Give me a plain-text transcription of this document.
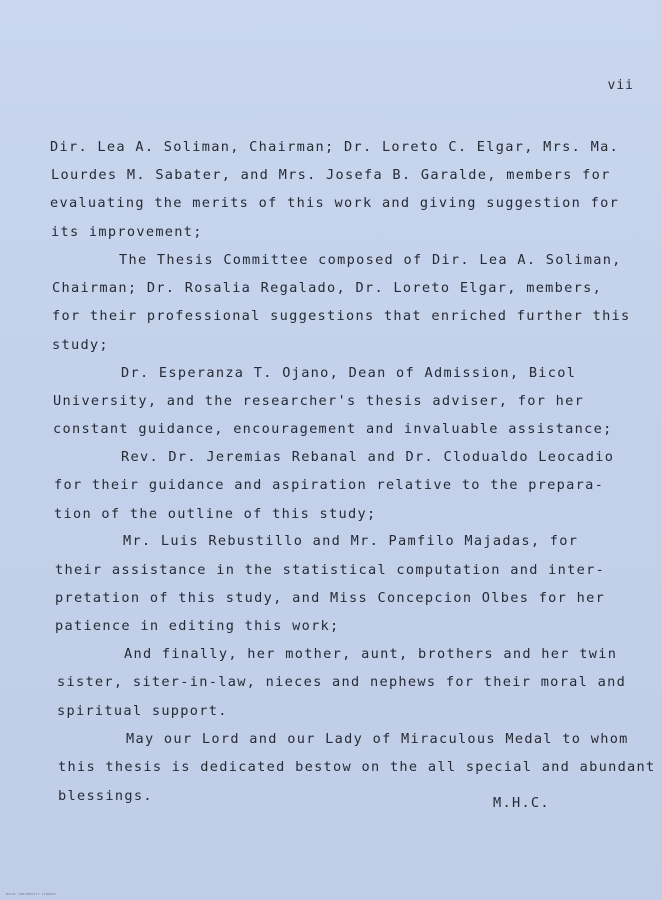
vii
Dir. Lea A. Soliman, Chairman; Dr. Loreto C. Elgar, Mrs. Ma.
Lourdes M. Sabater, and Mrs. Josefa B. Garalde, members for
evaluating the merits of this work and giving suggestion for
its improvement;
The Thesis Committee composed of Dir. Lea A. Soliman,
Chairman; Dr. Rosalia Regalado, Dr. Loreto Elgar, members,
for their professional suggestions that enriched further this
study;
Dr. Esperanza T. Ojano, Dean of Admission, Bicol
University, and the researcher's thesis adviser, for her
constant guidance, encouragement and invaluable assistance;
Rev. Dr. Jeremias Rebanal and Dr. Clodualdo Leocadio
for their guidance and aspiration relative to the prepara-
tion of the outline of this study;
Mr. Luis Rebustillo and Mr. Pamfilo Majadas, for
their assistance in the statistical computation and inter-
pretation of this study, and Miss Concepcion Olbes for her
patience in editing this work;
And finally, her mother, aunt, brothers and her twin
sister, siter-in-law, nieces and nephews for their moral and
spiritual support.
May our Lord and our Lady of Miraculous Medal to whom
this thesis is dedicated bestow on the all special and abundant
blessings.	M.H.C.
BICOL UNIVERSITY LIBRARY
